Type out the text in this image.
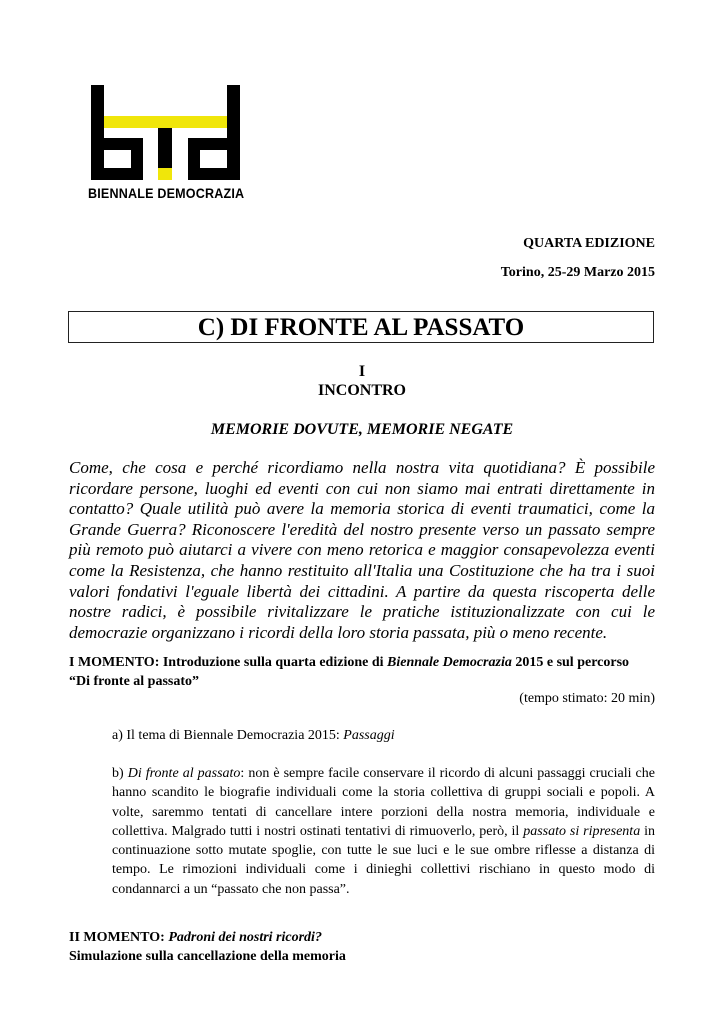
BIENNALE DEMOCRAZIA
QUARTA EDIZIONE
Torino, 25-29 Marzo 2015
C) DI FRONTE AL PASSATO
I
INCONTRO
MEMORIE DOVUTE, MEMORIE NEGATE
Come, che cosa e perché ricordiamo nella nostra vita quotidiana? È possibile ricordare persone, luoghi ed eventi con cui non siamo mai entrati direttamente in contatto? Quale utilità può avere la memoria storica di eventi traumatici, come la Grande Guerra? Riconoscere l'eredità del nostro presente verso un passato sempre più remoto può aiutarci a vivere con meno retorica e maggior consapevolezza eventi come la Resistenza, che hanno restituito all'Italia una Costituzione che ha tra i suoi valori fondativi l'eguale libertà dei cittadini. A partire da questa riscoperta delle nostre radici, è possibile rivitalizzare le pratiche istituzionalizzate con cui le democrazie organizzano i ricordi della loro storia passata, più o meno recente.
I MOMENTO: Introduzione sulla quarta edizione di Biennale Democrazia 2015 e sul percorso
“Di fronte al passato”
(tempo stimato: 20 min)
a) Il tema di Biennale Democrazia 2015: Passaggi
b) Di fronte al passato: non è sempre facile conservare il ricordo di alcuni passaggi cruciali che hanno scandito le biografie individuali come la storia collettiva di gruppi sociali e popoli. A volte, saremmo tentati di cancellare intere porzioni della nostra memoria, individuale e collettiva. Malgrado tutti i nostri ostinati tentativi di rimuoverlo, però, il passato si ripresenta in continuazione sotto mutate spoglie, con tutte le sue luci e le sue ombre riflesse a distanza di tempo. Le rimozioni individuali come i dinieghi collettivi rischiano in questo modo di condannarci a un “passato che non passa”.
II MOMENTO: Padroni dei nostri ricordi?
Simulazione sulla cancellazione della memoria
